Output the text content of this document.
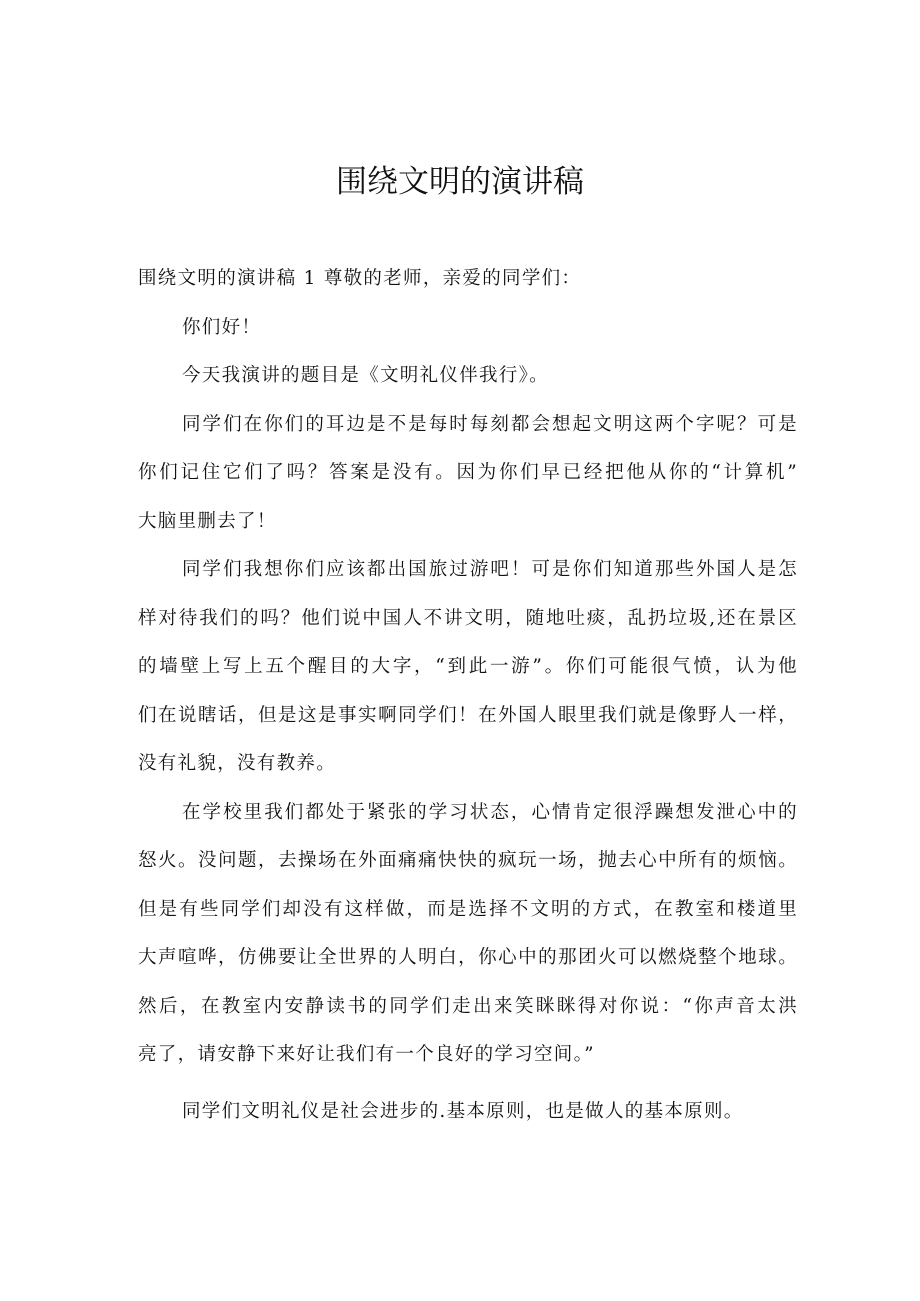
围绕文明的演讲稿
围绕文明的演讲稿 1 尊敬的老师，亲爱的同学们：
你们好！
今天我演讲的题目是《文明礼仪伴我行》。
同学们在你们的耳边是不是每时每刻都会想起文明这两个字呢？可是
你们记住它们了吗？答案是没有。因为你们早已经把他从你的“计算机”
大脑里删去了！
同学们我想你们应该都出国旅过游吧！可是你们知道那些外国人是怎
样对待我们的吗？他们说中国人不讲文明，随地吐痰，乱扔垃圾,还在景区
的墙壁上写上五个醒目的大字，“到此一游”。你们可能很气愤，认为他
们在说瞎话，但是这是事实啊同学们！在外国人眼里我们就是像野人一样，
没有礼貌，没有教养。
在学校里我们都处于紧张的学习状态，心情肯定很浮躁想发泄心中的
怒火。没问题，去操场在外面痛痛快快的疯玩一场，抛去心中所有的烦恼。
但是有些同学们却没有这样做，而是选择不文明的方式，在教室和楼道里
大声喧哗，仿佛要让全世界的人明白，你心中的那团火可以燃烧整个地球。
然后，在教室内安静读书的同学们走出来笑眯眯得对你说：“你声音太洪
亮了，请安静下来好让我们有一个良好的学习空间。”
同学们文明礼仪是社会进步的.基本原则，也是做人的基本原则。
